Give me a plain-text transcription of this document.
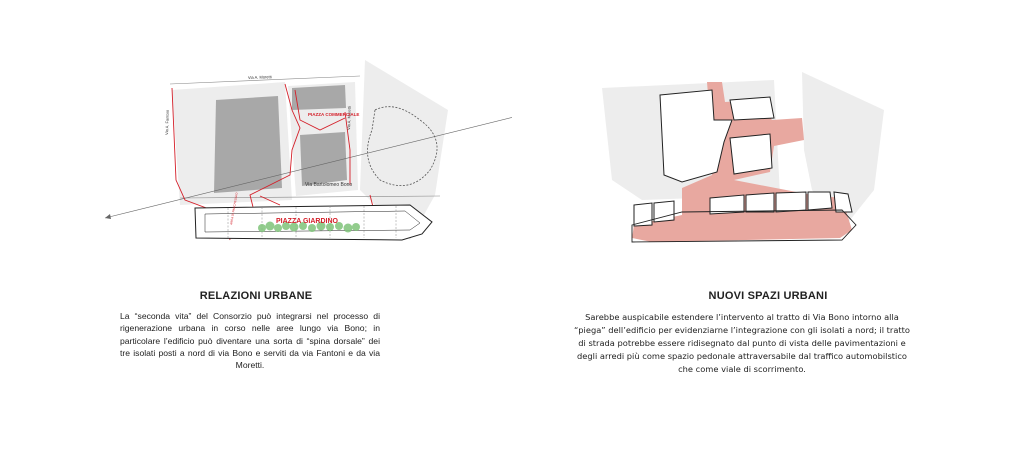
Via A. Moretti
Via A. Fantoni	Via A. Moretti
Via Bartolomeo Bono
PIAZZA COMMERCIALE
PIAZZA GIARDINO
AREA DI PARCHEGGIO
RELAZIONI URBANE
La “seconda vita” del Consorzio può integrarsi nel processo di rigenerazione urbana in corso nelle aree lungo via Bono; in particolare l’edificio può diventare una sorta di “spina dorsale” dei tre isolati posti a nord di via Bono e serviti da via Fantoni e da via Moretti.
NUOVI SPAZI URBANI
Sarebbe auspicabile estendere l’intervento al tratto di Via Bono intorno alla “piega” dell’edificio per evidenziarne l’integrazione con gli isolati a nord; il tratto di strada potrebbe essere ridisegnato dal punto di vista delle pavimentazioni e degli arredi più come spazio pedonale attraversabile dal traffico automobilstico che come viale di scorrimento.
